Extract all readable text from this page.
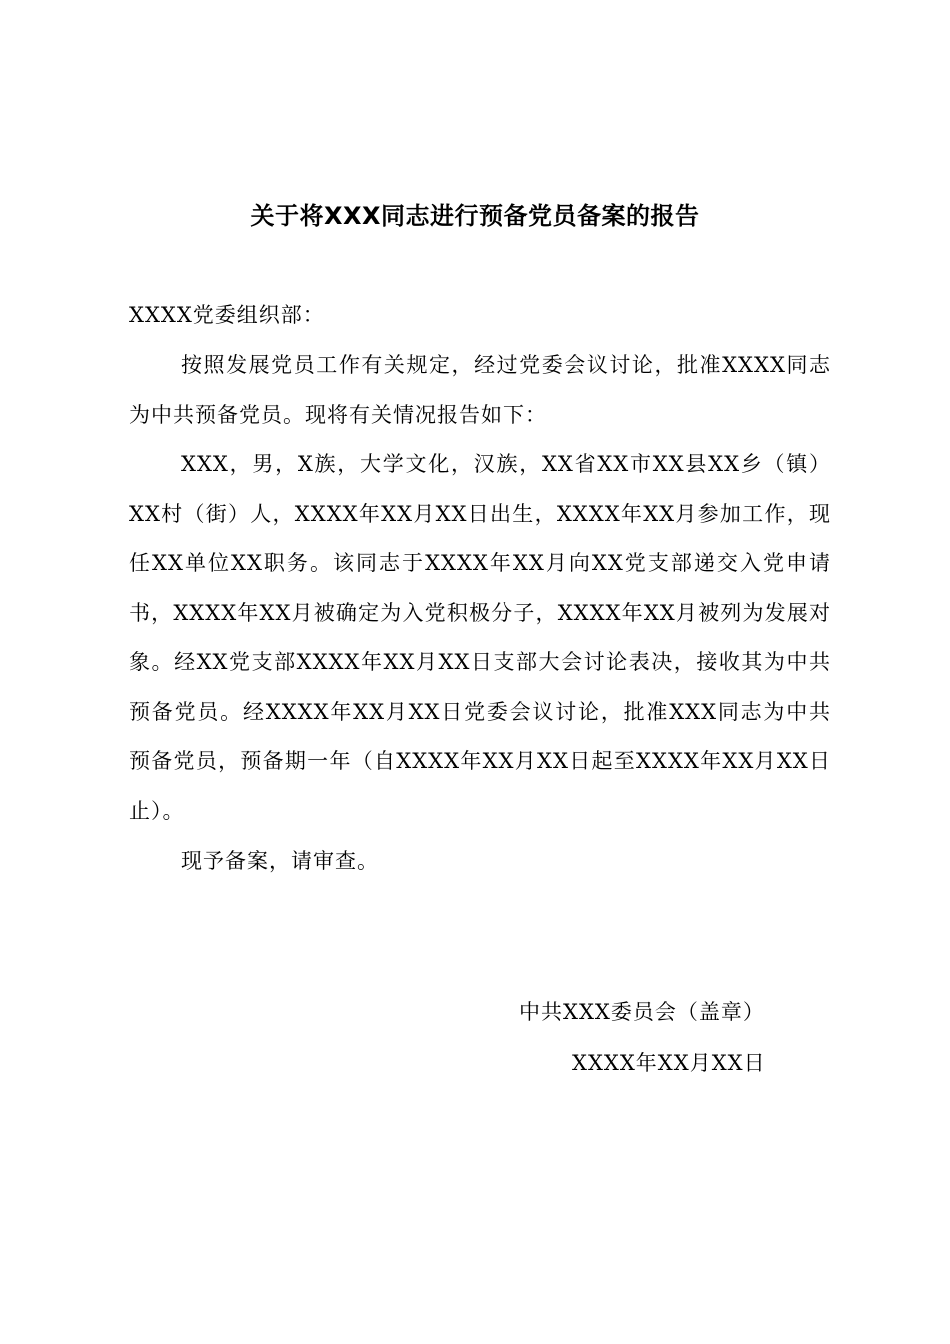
关于将XXX同志进行预备党员备案的报告
XXXX党委组织部：
按照发展党员工作有关规定，经过党委会议讨论，批准XXXX同志为中共预备党员。现将有关情况报告如下：
XXX，男，X族，大学文化，汉族，XX省XX市XX县XX乡（镇）XX村（街）人，XXXX年XX月XX日出生，XXXX年XX月参加工作，现任XX单位XX职务。该同志于XXXX年XX月向XX党支部递交入党申请书，XXXX年XX月被确定为入党积极分子，XXXX年XX月被列为发展对象。经XX党支部XXXX年XX月XX日支部大会讨论表决，接收其为中共预备党员。经XXXX年XX月XX日党委会议讨论，批准XXX同志为中共预备党员，预备期一年（自XXXX年XX月XX日起至XXXX年XX月XX日止）。
现予备案，请审查。
中共XXX委员会（盖章）
XXXX年XX月XX日
